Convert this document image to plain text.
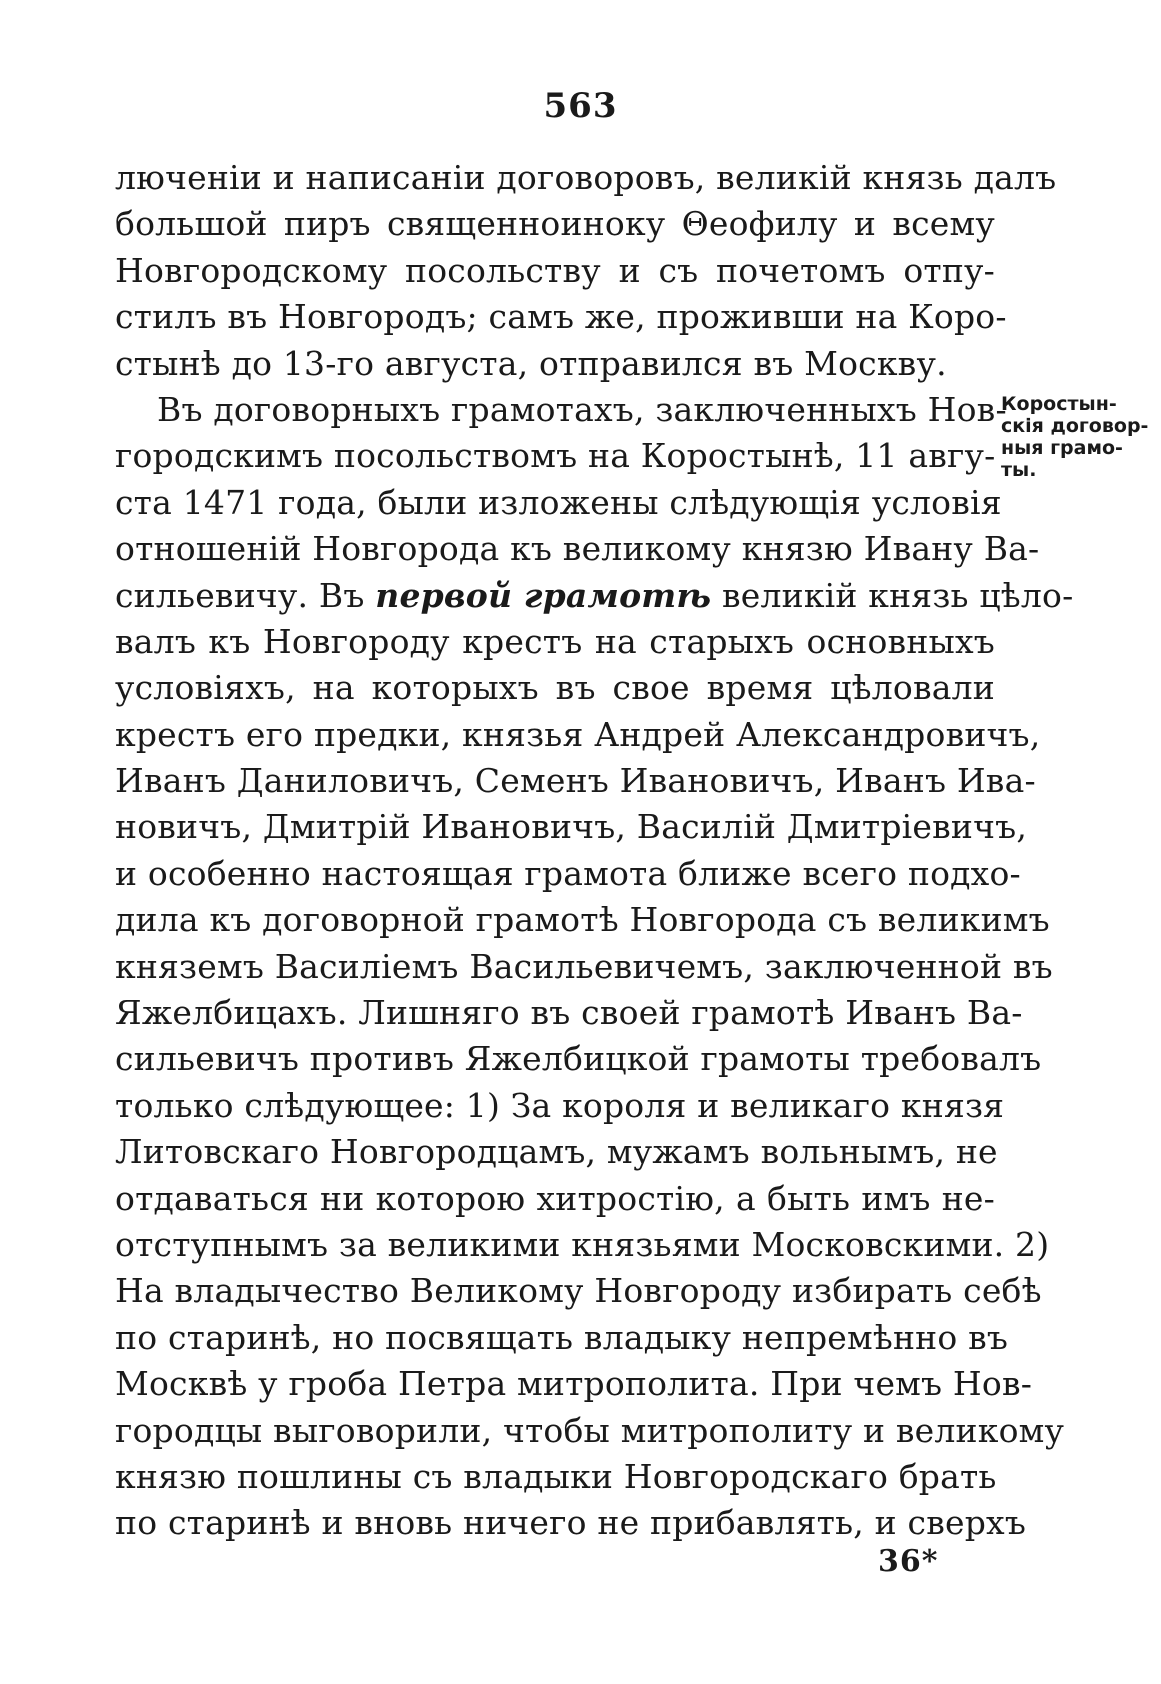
563
люченіи и написаніи договоровъ, великій князь далъ
большой пиръ священноиноку Θеофилу и всему
Новгородскому посольству и съ почетомъ отпу-
стилъ въ Новгородъ; самъ же, проживши на Коро-
стынѣ до 13-го августа, отправился въ Москву.
Въ договорныхъ грамотахъ, заключенныхъ Нов-
городскимъ посольствомъ на Коростынѣ, 11 авгу-
ста 1471 года, были изложены слѣдующія условія
отношеній Новгорода къ великому князю Ивану Ва-
сильевичу. Въ первой грамотѣ великій князь цѣло-
валъ къ Новгороду крестъ на старыхъ основныхъ
условіяхъ, на которыхъ въ свое время цѣловали
крестъ его предки, князья Андрей Александровичъ,
Иванъ Даниловичъ, Семенъ Ивановичъ, Иванъ Ива-
новичъ, Дмитрій Ивановичъ, Василій Дмитріевичъ,
и особенно настоящая грамота ближе всего подхо-
дила къ договорной грамотѣ Новгорода съ великимъ
княземъ Василіемъ Васильевичемъ, заключенной въ
Яжелбицахъ. Лишняго въ своей грамотѣ Иванъ Ва-
сильевичъ противъ Яжелбицкой грамоты требовалъ
только слѣдующее: 1) За короля и великаго князя
Литовскаго Новгородцамъ, мужамъ вольнымъ, не
отдаваться ни которою хитростію, а быть имъ не-
отступнымъ за великими князьями Московскими. 2)
На владычество Великому Новгороду избирать себѣ
по старинѣ, но посвящать владыку непремѣнно въ
Москвѣ у гроба Петра митрополита. При чемъ Нов-
городцы выговорили, чтобы митрополиту и великому
князю пошлины съ владыки Новгородскаго брать
по старинѣ и вновь ничего не прибавлять, и сверхъ
Коростын-
скія договор-
ныя грамо-
ты.
36*
